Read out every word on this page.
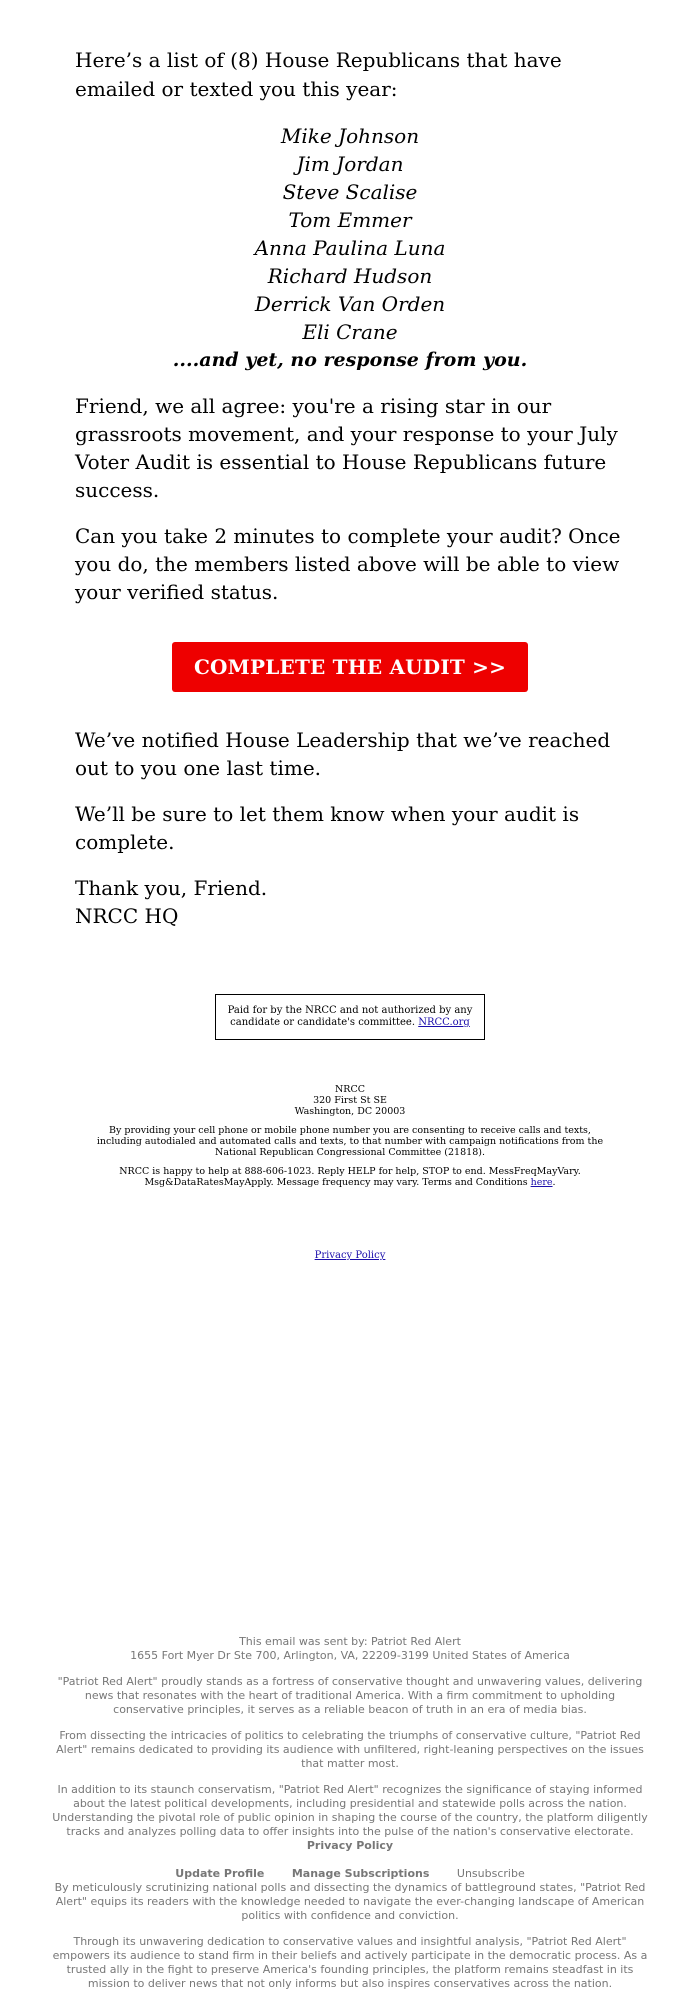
Here’s a list of (8) House Republicans that have emailed or texted you this year:

Mike Johnson
Jim Jordan
Steve Scalise
Tom Emmer
Anna Paulina Luna
Richard Hudson
Derrick Van Orden
Eli Crane
....and yet, no response from you.

Friend, we all agree: you're a rising star in our grassroots movement, and your response to your July Voter Audit is essential to House Republicans future success.

Can you take 2 minutes to complete your audit? Once you do, the members listed above will be able to view your verified status.

COMPLETE THE AUDIT >>

We’ve notified House Leadership that we’ve reached out to you one last time.

We’ll be sure to let them know when your audit is complete.

Thank you, Friend.
NRCC HQ

Paid for by the NRCC and not authorized by any candidate or candidate's committee. NRCC.org

NRCC
320 First St SE
Washington, DC 20003

By providing your cell phone or mobile phone number you are consenting to receive calls and texts, including autodialed and automated calls and texts, to that number with campaign notifications from the National Republican Congressional Committee (21818).

NRCC is happy to help at 888-606-1023. Reply HELP for help, STOP to end. MessFreqMayVary. Msg&DataRatesMayApply. Message frequency may vary. Terms and Conditions here.

Privacy Policy

This email was sent by: Patriot Red Alert
1655 Fort Myer Dr Ste 700, Arlington, VA, 22209-3199 United States of America

"Patriot Red Alert" proudly stands as a fortress of conservative thought and unwavering values, delivering news that resonates with the heart of traditional America. With a firm commitment to upholding conservative principles, it serves as a reliable beacon of truth in an era of media bias.

From dissecting the intricacies of politics to celebrating the triumphs of conservative culture, "Patriot Red Alert" remains dedicated to providing its audience with unfiltered, right-leaning perspectives on the issues that matter most.

In addition to its staunch conservatism, "Patriot Red Alert" recognizes the significance of staying informed about the latest political developments, including presidential and statewide polls across the nation. Understanding the pivotal role of public opinion in shaping the course of the country, the platform diligently tracks and analyzes polling data to offer insights into the pulse of the nation's conservative electorate.

Privacy Policy
Update Profile	Manage Subscriptions	Unsubscribe

By meticulously scrutinizing national polls and dissecting the dynamics of battleground states, "Patriot Red Alert" equips its readers with the knowledge needed to navigate the ever-changing landscape of American politics with confidence and conviction.

Through its unwavering dedication to conservative values and insightful analysis, "Patriot Red Alert" empowers its audience to stand firm in their beliefs and actively participate in the democratic process. As a trusted ally in the fight to preserve America's founding principles, the platform remains steadfast in its mission to deliver news that not only informs but also inspires conservatives across the nation.
